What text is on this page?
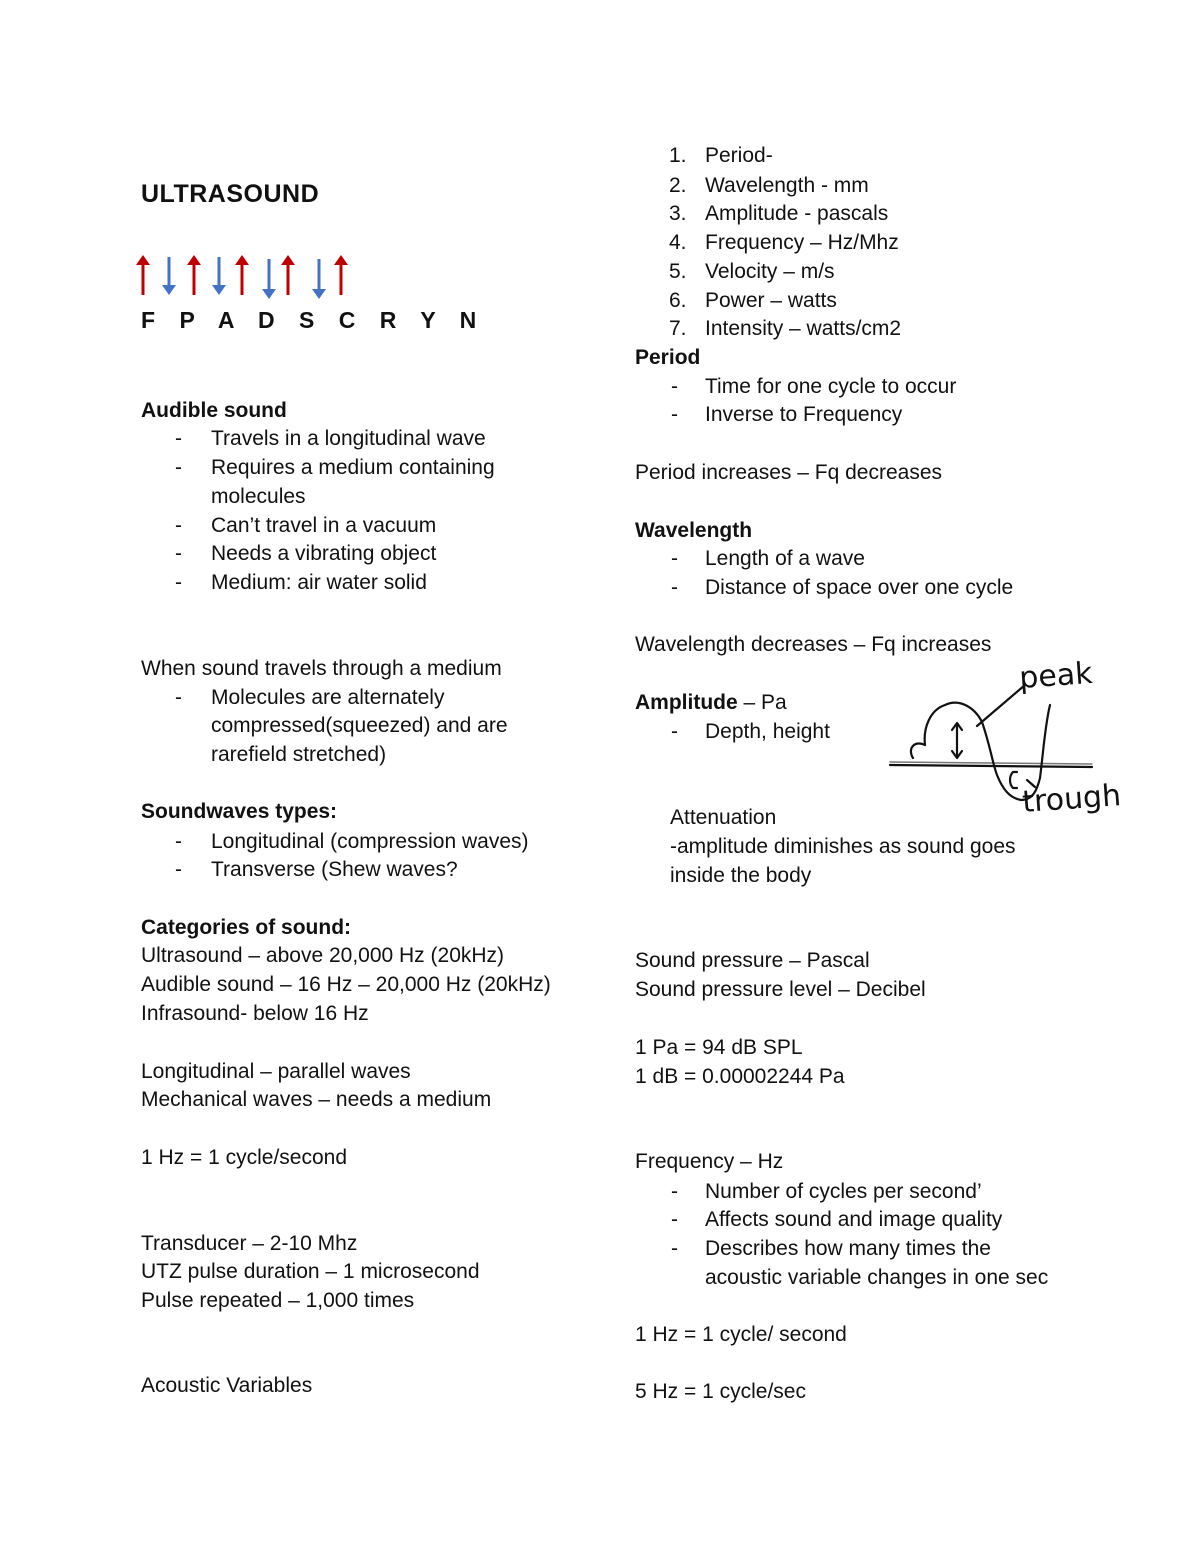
ULTRASOUND
F P A D S C R Y N
Audible sound
-	Travels in a longitudinal wave
-	Requires a medium containing
molecules
-	Can’t travel in a vacuum
-	Needs a vibrating object
-	Medium: air water solid
When sound travels through a medium
-	Molecules are alternately
compressed(squeezed) and are
rarefield stretched)
Soundwaves types:
-	Longitudinal (compression waves)
-	Transverse (Shew waves?
Categories of sound:
Ultrasound – above 20,000 Hz (20kHz)
Audible sound – 16 Hz – 20,000 Hz (20kHz)
Infrasound- below 16 Hz
Longitudinal – parallel waves
Mechanical waves – needs a medium
1 Hz = 1 cycle/second
Transducer – 2-10 Mhz
UTZ pulse duration – 1 microsecond
Pulse repeated – 1,000 times
Acoustic Variables
1. Period-
2. Wavelength - mm
3. Amplitude - pascals
4. Frequency – Hz/Mhz
5. Velocity – m/s
6. Power – watts
7. Intensity – watts/cm2
Period
-	Time for one cycle to occur
-	Inverse to Frequency
Period increases – Fq decreases
Wavelength
-	Length of a wave
-	Distance of space over one cycle
Wavelength decreases – Fq increases
Amplitude – Pa
-	Depth, height
Attenuation
-amplitude diminishes as sound goes
inside the body
Sound pressure – Pascal
Sound pressure level – Decibel
1 Pa = 94 dB SPL
1 dB = 0.00002244 Pa
Frequency – Hz
-	Number of cycles per second’
-	Affects sound and image quality
-	Describes how many times the
acoustic variable changes in one sec
1 Hz = 1 cycle/ second
5 Hz = 1 cycle/sec
peak
trough
